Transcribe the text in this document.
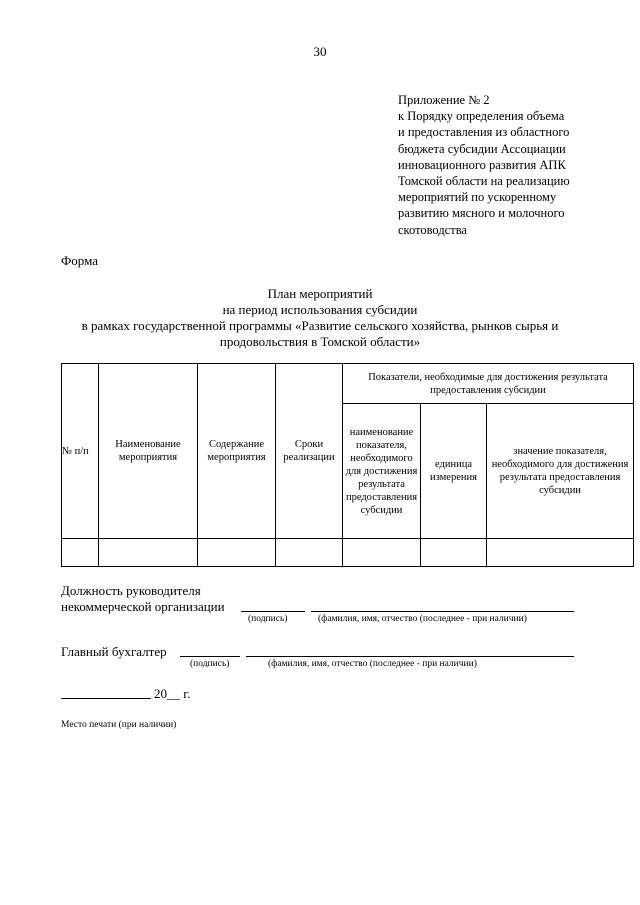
30
Приложение № 2
к Порядку определения объема
и предоставления из областного
бюджета субсидии Ассоциации
инновационного развития АПК
Томской области на реализацию
мероприятий по ускоренному
развитию мясного и молочного
скотоводства
Форма
План мероприятий
на период использования субсидии
в рамках государственной программы «Развитие сельского хозяйства, рынков сырья и
продовольствия в Томской области»
№ п/п	Наименование мероприятия	Содержание мероприятия	Сроки реализации	Показатели, необходимые для достижения результата предоставления субсидии		
				наименование показателя, необходимого для достижения результата предоставления субсидии	единица измерения	значение показателя, необходимого для достижения результата предоставления субсидии

Должность руководителя
некоммерческой организации
(подпись)	(фамилия, имя, отчество (последнее - при наличии)
Главный бухгалтер
(подпись)	(фамилия, имя, отчество (последнее - при наличии)
20__ г.
Место печати (при наличии)
